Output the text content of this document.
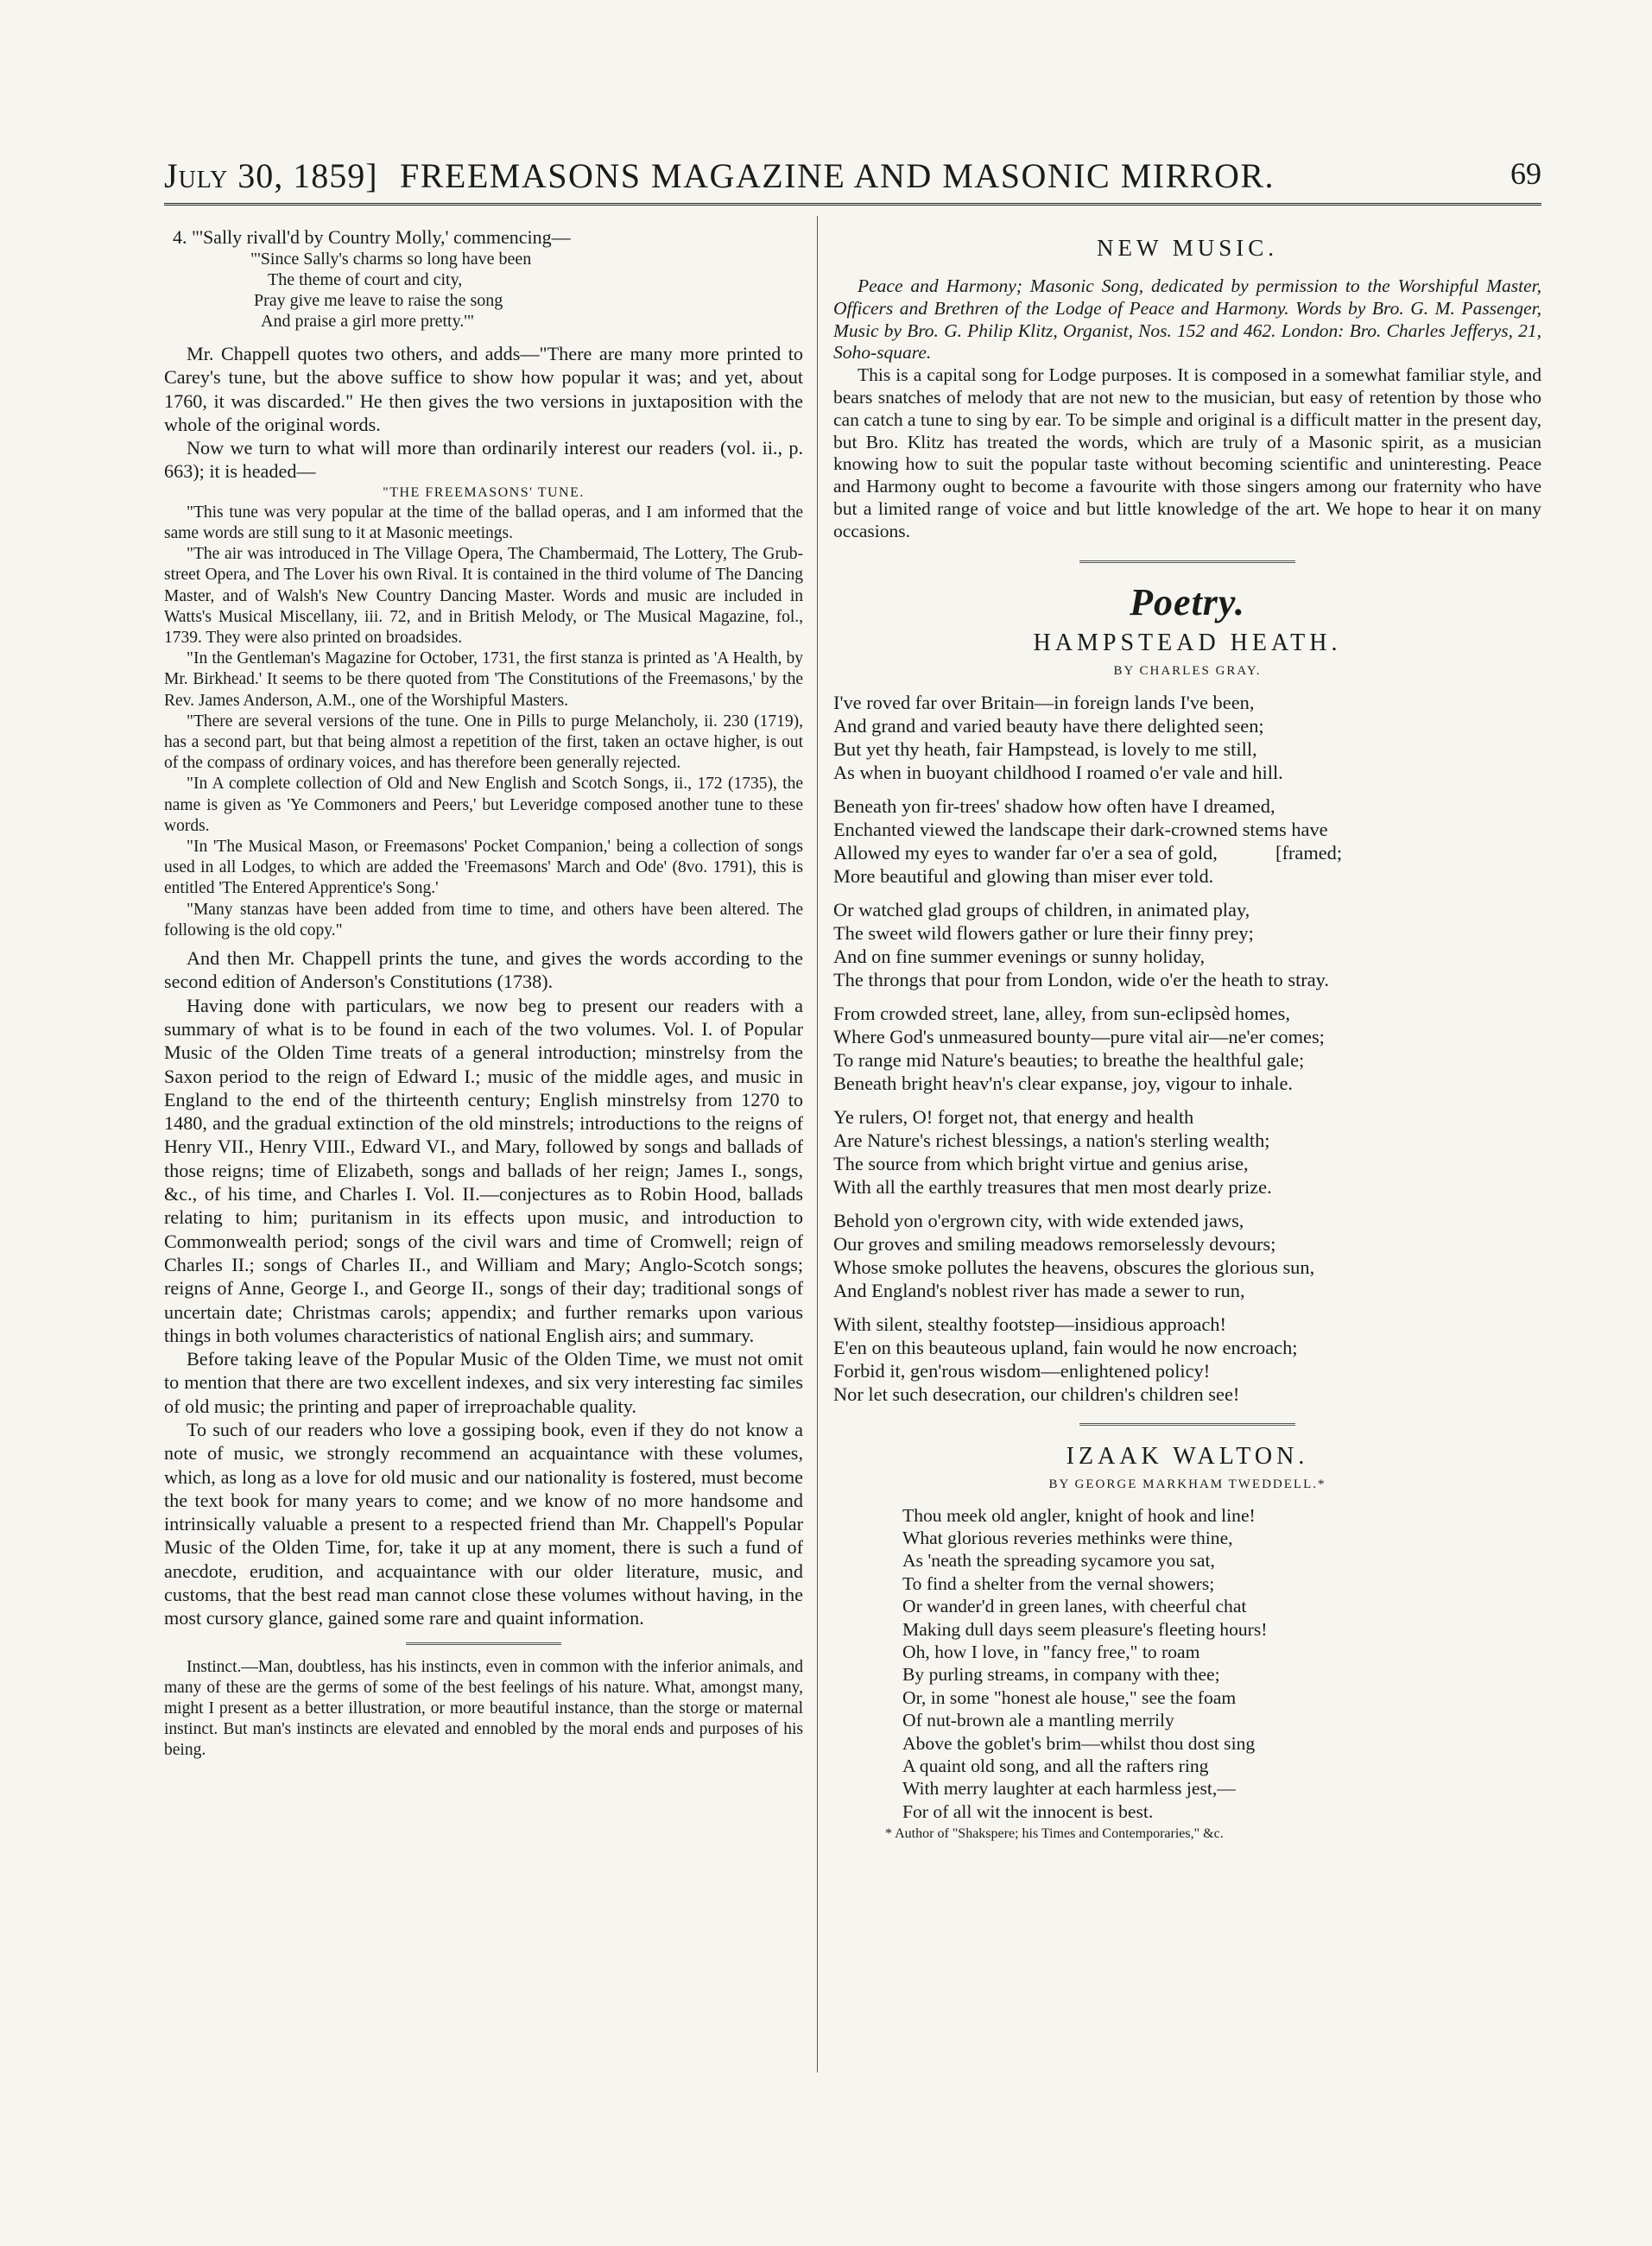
July 30, 1859] FREEMASONS MAGAZINE AND MASONIC MIRROR.	69

4. "'Sally rivall'd by Country Molly,' commencing—

"'Since Sally's charms so long have been
The theme of court and city,
Pray give me leave to raise the song
And praise a girl more pretty.'"

Mr. Chappell quotes two others, and adds—"There are many more printed to Carey's tune, but the above suffice to show how popular it was; and yet, about 1760, it was discarded." He then gives the two versions in juxtaposition with the whole of the original words.

Now we turn to what will more than ordinarily interest our readers (vol. ii., p. 663); it is headed—

"THE FREEMASONS' TUNE.

"This tune was very popular at the time of the ballad operas, and I am informed that the same words are still sung to it at Masonic meetings.

"The air was introduced in The Village Opera, The Chambermaid, The Lottery, The Grub-street Opera, and The Lover his own Rival. It is contained in the third volume of The Dancing Master, and of Walsh's New Country Dancing Master. Words and music are included in Watts's Musical Miscellany, iii. 72, and in British Melody, or The Musical Magazine, fol., 1739. They were also printed on broadsides.

"In the Gentleman's Magazine for October, 1731, the first stanza is printed as 'A Health, by Mr. Birkhead.' It seems to be there quoted from 'The Constitutions of the Freemasons,' by the Rev. James Anderson, A.M., one of the Worshipful Masters.

"There are several versions of the tune. One in Pills to purge Melancholy, ii. 230 (1719), has a second part, but that being almost a repetition of the first, taken an octave higher, is out of the compass of ordinary voices, and has therefore been generally rejected.

"In A complete collection of Old and New English and Scotch Songs, ii., 172 (1735), the name is given as 'Ye Commoners and Peers,' but Leveridge composed another tune to these words.

"In 'The Musical Mason, or Freemasons' Pocket Companion,' being a collection of songs used in all Lodges, to which are added the 'Freemasons' March and Ode' (8vo. 1791), this is entitled 'The Entered Apprentice's Song.'

"Many stanzas have been added from time to time, and others have been altered. The following is the old copy."

And then Mr. Chappell prints the tune, and gives the words according to the second edition of Anderson's Constitutions (1738).

Having done with particulars, we now beg to present our readers with a summary of what is to be found in each of the two volumes. Vol. I. of Popular Music of the Olden Time treats of a general introduction; minstrelsy from the Saxon period to the reign of Edward I.; music of the middle ages, and music in England to the end of the thirteenth century; English minstrelsy from 1270 to 1480, and the gradual extinction of the old minstrels; introductions to the reigns of Henry VII., Henry VIII., Edward VI., and Mary, followed by songs and ballads of those reigns; time of Elizabeth, songs and ballads of her reign; James I., songs, &c., of his time, and Charles I. Vol. II.—conjectures as to Robin Hood, ballads relating to him; puritanism in its effects upon music, and introduction to Commonwealth period; songs of the civil wars and time of Cromwell; reign of Charles II.; songs of Charles II., and William and Mary; Anglo-Scotch songs; reigns of Anne, George I., and George II., songs of their day; traditional songs of uncertain date; Christmas carols; appendix; and further remarks upon various things in both volumes characteristics of national English airs; and summary.

Before taking leave of the Popular Music of the Olden Time, we must not omit to mention that there are two excellent indexes, and six very interesting fac similes of old music; the printing and paper of irreproachable quality.

To such of our readers who love a gossiping book, even if they do not know a note of music, we strongly recommend an acquaintance with these volumes, which, as long as a love for old music and our nationality is fostered, must become the text book for many years to come; and we know of no more handsome and intrinsically valuable a present to a respected friend than Mr. Chappell's Popular Music of the Olden Time, for, take it up at any moment, there is such a fund of anecdote, erudition, and acquaintance with our older literature, music, and customs, that the best read man cannot close these volumes without having, in the most cursory glance, gained some rare and quaint information.

Instinct.—Man, doubtless, has his instincts, even in common with the inferior animals, and many of these are the germs of some of the best feelings of his nature. What, amongst many, might I present as a better illustration, or more beautiful instance, than the storge or maternal instinct. But man's instincts are elevated and ennobled by the moral ends and purposes of his being.

NEW MUSIC.

Peace and Harmony; Masonic Song, dedicated by permission to the Worshipful Master, Officers and Brethren of the Lodge of Peace and Harmony. Words by Bro. G. M. Passenger, Music by Bro. G. Philip Klitz, Organist, Nos. 152 and 462. London: Bro. Charles Jefferys, 21, Soho-square.

This is a capital song for Lodge purposes. It is composed in a somewhat familiar style, and bears snatches of melody that are not new to the musician, but easy of retention by those who can catch a tune to sing by ear. To be simple and original is a difficult matter in the present day, but Bro. Klitz has treated the words, which are truly of a Masonic spirit, as a musician knowing how to suit the popular taste without becoming scientific and uninteresting. Peace and Harmony ought to become a favourite with those singers among our fraternity who have but a limited range of voice and but little knowledge of the art. We hope to hear it on many occasions.

Poetry.
HAMPSTEAD HEATH.
BY CHARLES GRAY.
I've roved far over Britain—in foreign lands I've been,
And grand and varied beauty have there delighted seen;
But yet thy heath, fair Hampstead, is lovely to me still,
As when in buoyant childhood I roamed o'er vale and hill.
Beneath yon fir-trees' shadow how often have I dreamed,
Enchanted viewed the landscape their dark-crowned stems have
Allowed my eyes to wander far o'er a sea of gold,            [framed;
More beautiful and glowing than miser ever told.
Or watched glad groups of children, in animated play,
The sweet wild flowers gather or lure their finny prey;
And on fine summer evenings or sunny holiday,
The throngs that pour from London, wide o'er the heath to stray.
From crowded street, lane, alley, from sun-eclipsèd homes,
Where God's unmeasured bounty—pure vital air—ne'er comes;
To range mid Nature's beauties; to breathe the healthful gale;
Beneath bright heav'n's clear expanse, joy, vigour to inhale.
Ye rulers, O! forget not, that energy and health
Are Nature's richest blessings, a nation's sterling wealth;
The source from which bright virtue and genius arise,
With all the earthly treasures that men most dearly prize.
Behold yon o'ergrown city, with wide extended jaws,
Our groves and smiling meadows remorselessly devours;
Whose smoke pollutes the heavens, obscures the glorious sun,
And England's noblest river has made a sewer to run,
With silent, stealthy footstep—insidious approach!
E'en on this beauteous upland, fain would he now encroach;
Forbid it, gen'rous wisdom—enlightened policy!
Nor let such desecration, our children's children see!
IZAAK WALTON.
BY GEORGE MARKHAM TWEDDELL.*
Thou meek old angler, knight of hook and line!
What glorious reveries methinks were thine,
As 'neath the spreading sycamore you sat,
To find a shelter from the vernal showers;
Or wander'd in green lanes, with cheerful chat
Making dull days seem pleasure's fleeting hours!
Oh, how I love, in "fancy free," to roam
By purling streams, in company with thee;
Or, in some "honest ale house," see the foam
Of nut-brown ale a mantling merrily
Above the goblet's brim—whilst thou dost sing
A quaint old song, and all the rafters ring
With merry laughter at each harmless jest,—
For of all wit the innocent is best.
* Author of "Shakspere; his Times and Contemporaries," &c.
